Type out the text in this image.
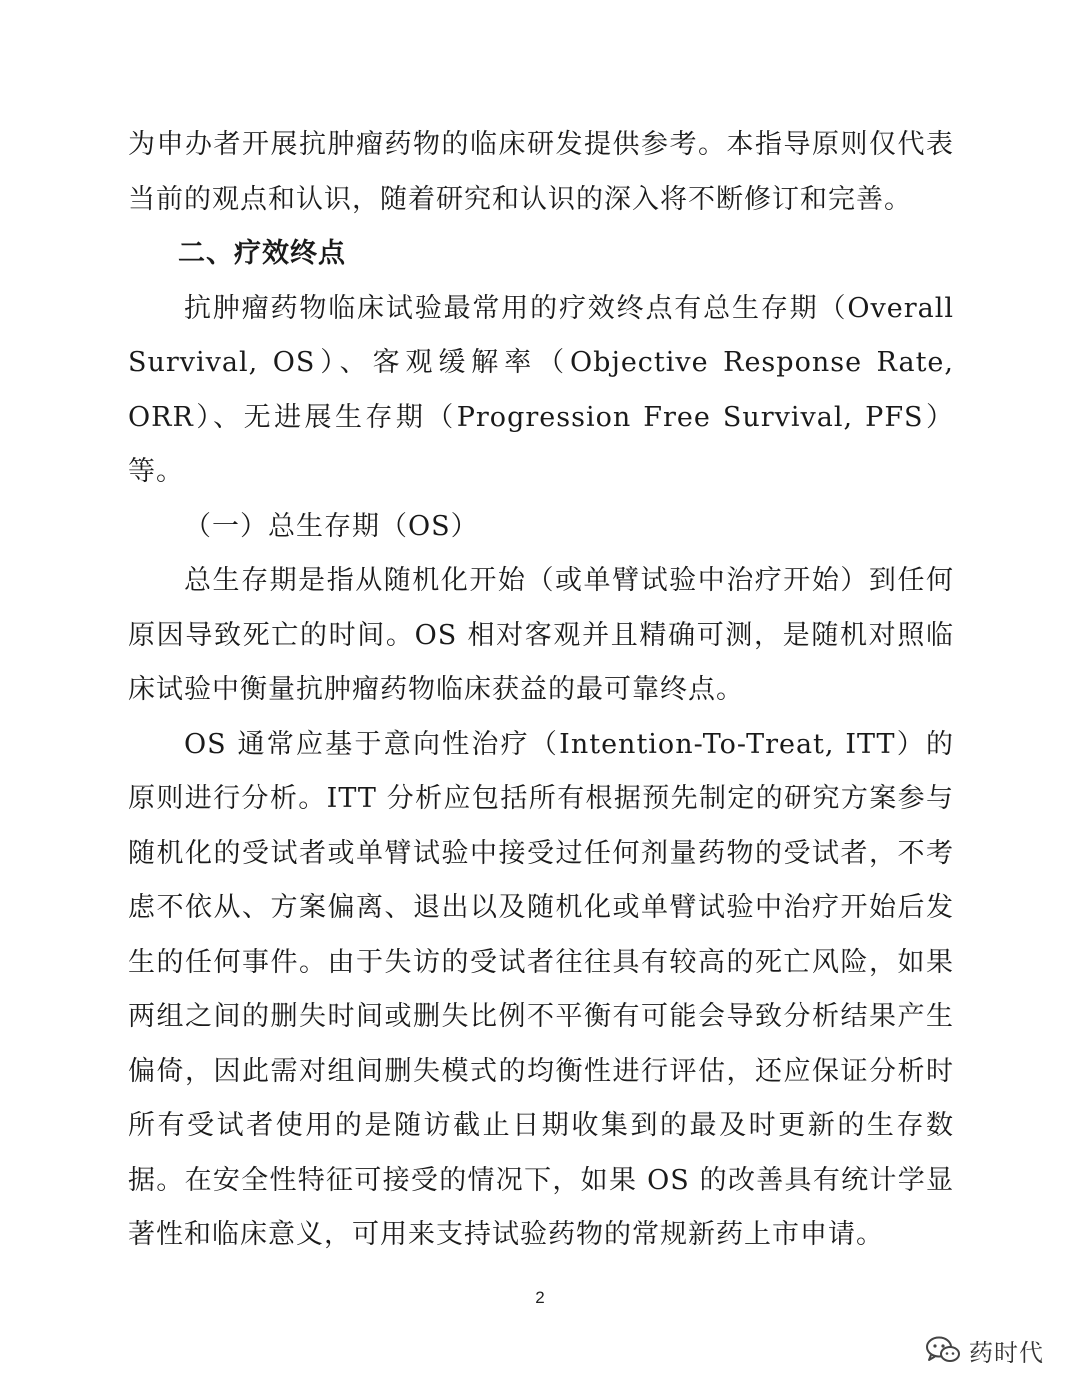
为申办者开展抗肿瘤药物的临床研发提供参考。本指导原则仅代表当前的观点和认识，随着研究和认识的深入将不断修订和完善。

二、疗效终点

抗肿瘤药物临床试验最常用的疗效终点有总生存期（Overall Survival, OS）、客观缓解率（Objective Response Rate, ORR）、无进展生存期（Progression Free Survival, PFS）等。

（一）总生存期（OS）

总生存期是指从随机化开始（或单臂试验中治疗开始）到任何原因导致死亡的时间。OS 相对客观并且精确可测，是随机对照临床试验中衡量抗肿瘤药物临床获益的最可靠终点。

OS 通常应基于意向性治疗（Intention-To-Treat, ITT）的原则进行分析。ITT 分析应包括所有根据预先制定的研究方案参与随机化的受试者或单臂试验中接受过任何剂量药物的受试者，不考虑不依从、方案偏离、退出以及随机化或单臂试验中治疗开始后发生的任何事件。由于失访的受试者往往具有较高的死亡风险，如果两组之间的删失时间或删失比例不平衡有可能会导致分析结果产生偏倚，因此需对组间删失模式的均衡性进行评估，还应保证分析时所有受试者使用的是随访截止日期收集到的最及时更新的生存数据。在安全性特征可接受的情况下，如果 OS 的改善具有统计学显著性和临床意义，可用来支持试验药物的常规新药上市申请。

2
药时代
